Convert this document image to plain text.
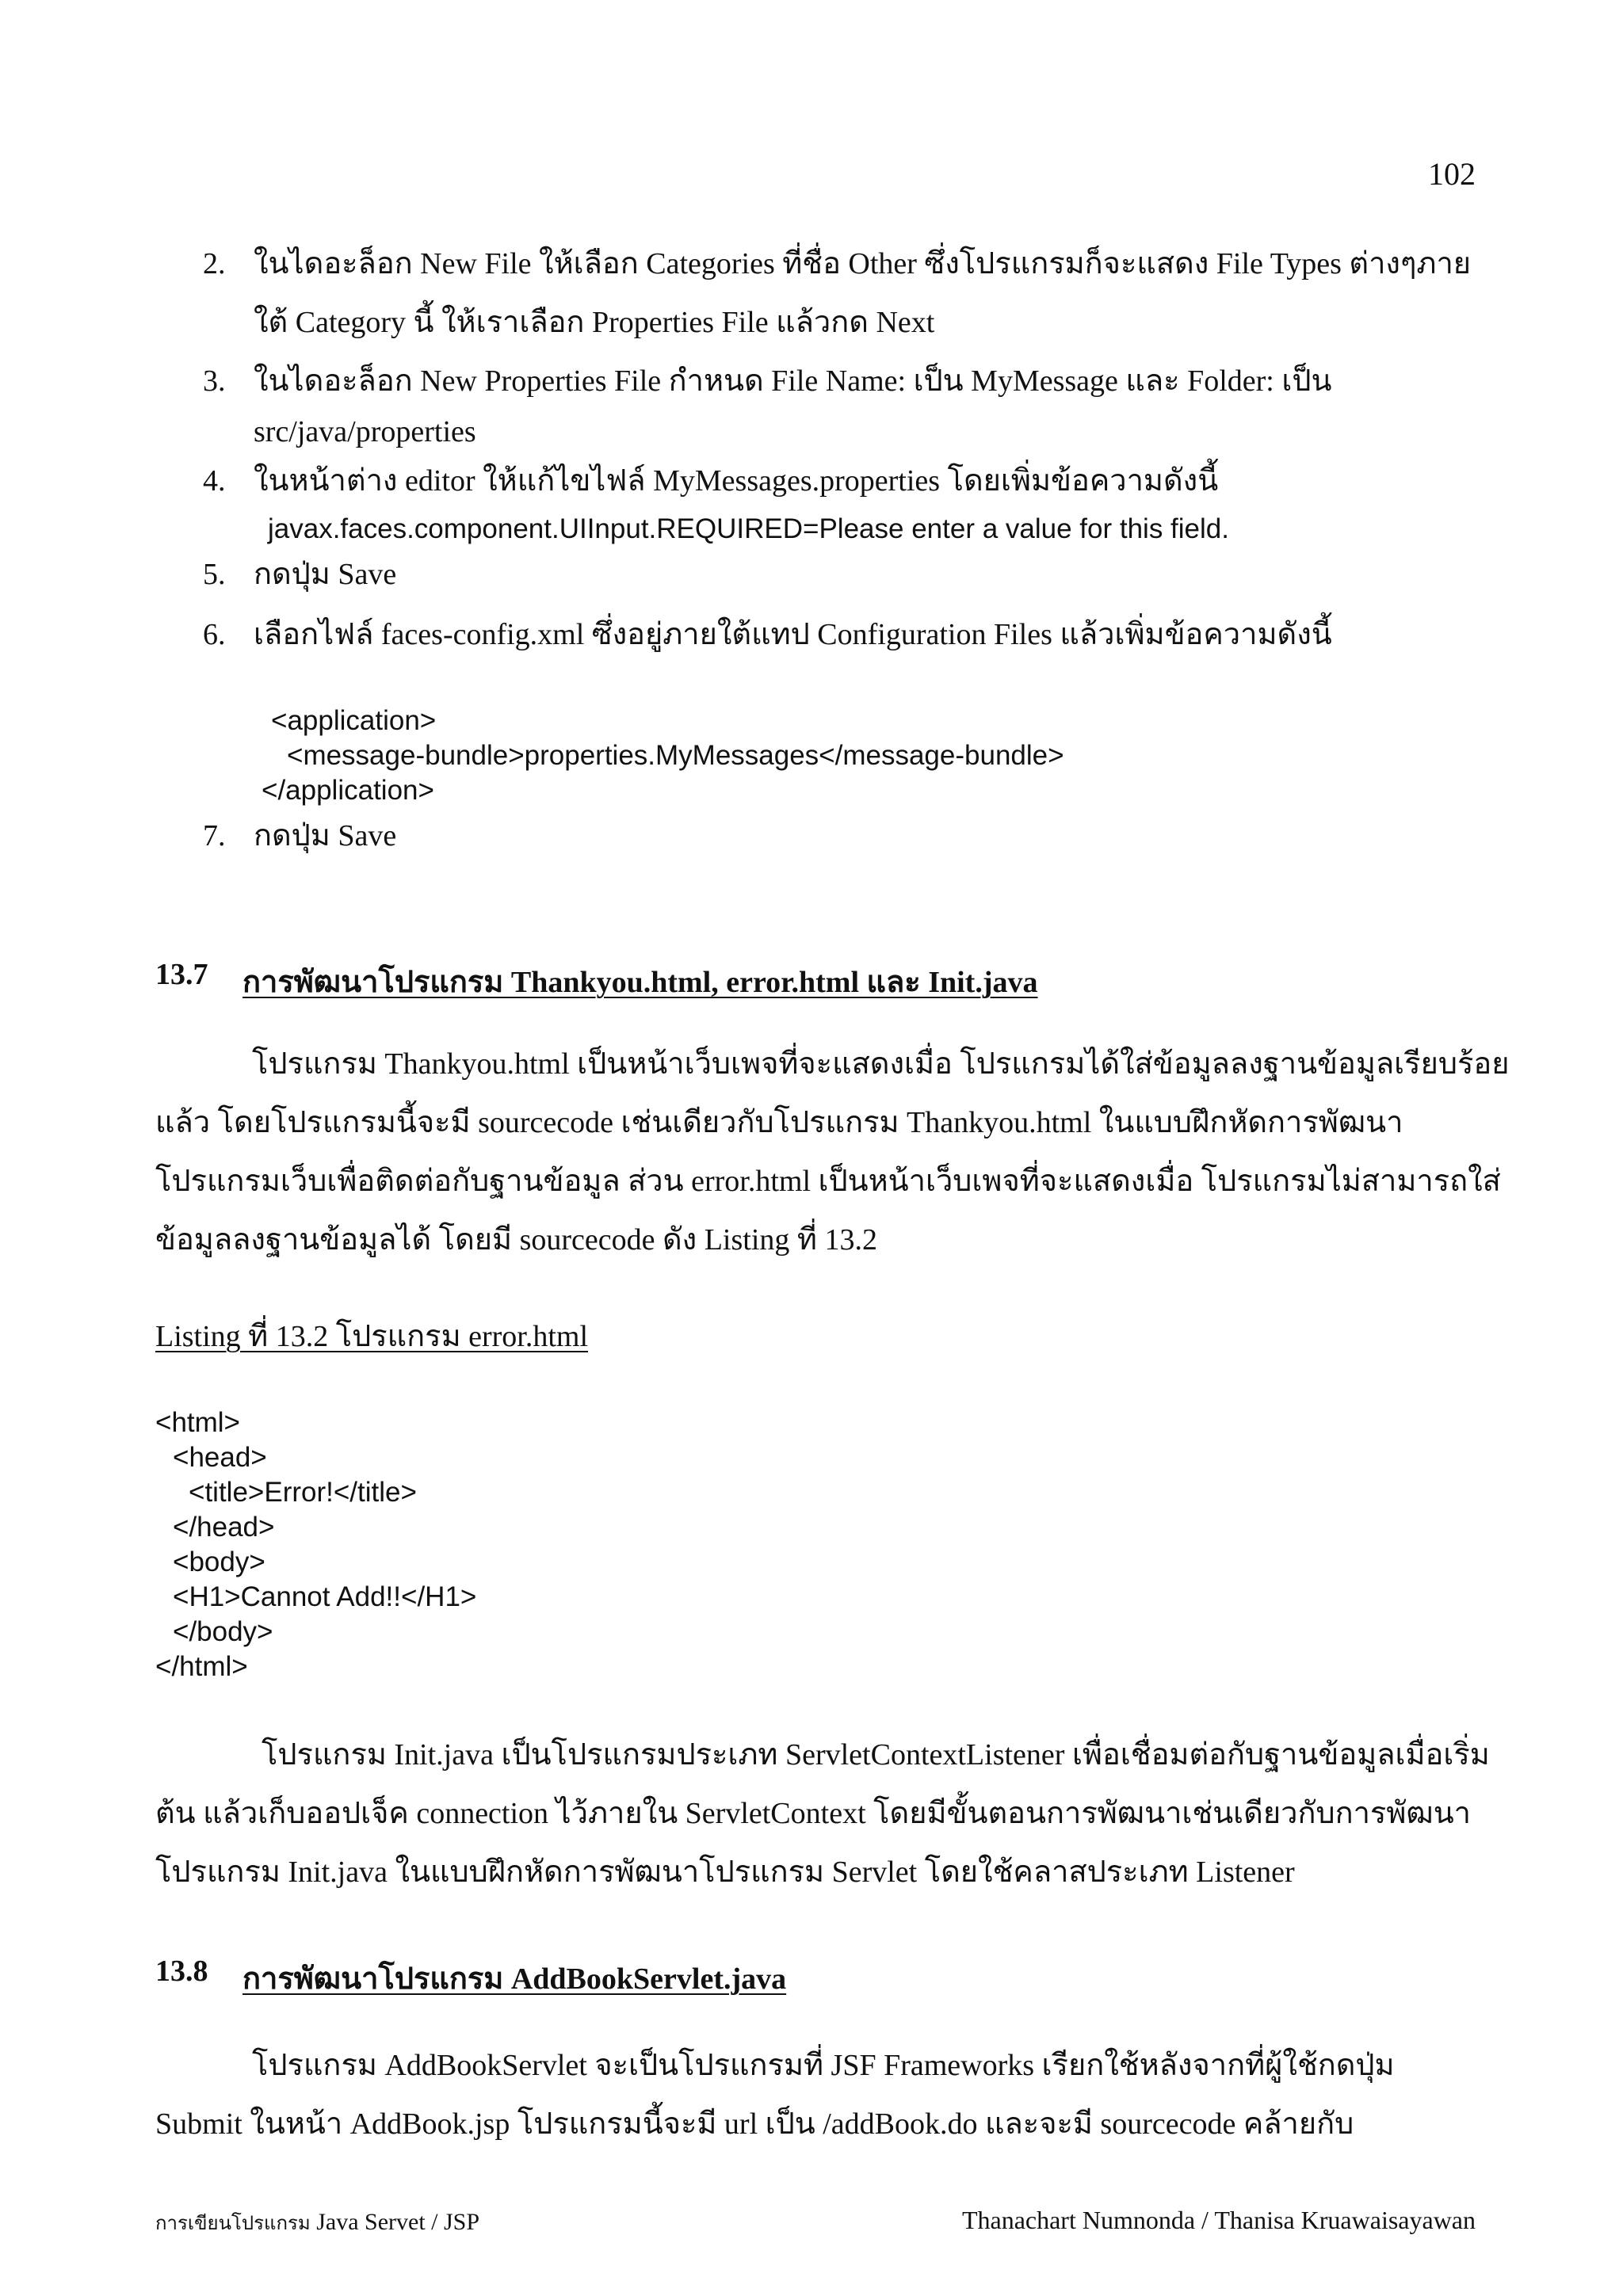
102
2. ในไดอะล็อก New File ให้เลือก Categories ที่ชื่อ Other ซึ่งโปรแกรมก็จะแสดง File Types ต่างๆภาย
ใต้ Category นี้ ให้เราเลือก Properties File แล้วกด Next
3. ในไดอะล็อก New Properties File กำหนด File Name: เป็น MyMessage และ Folder: เป็น
src/java/properties
4. ในหน้าต่าง editor ให้แก้ไขไฟล์ MyMessages.properties โดยเพิ่มข้อความดังนี้
javax.faces.component.UIInput.REQUIRED=Please enter a value for this field.
5. กดปุ่ม Save
6. เลือกไฟล์ faces-config.xml ซึ่งอยู่ภายใต้แทป Configuration Files แล้วเพิ่มข้อความดังนี้
<application>
<message-bundle>properties.MyMessages</message-bundle>
</application>
7. กดปุ่ม Save
13.7 การพัฒนาโปรแกรม Thankyou.html, error.html และ Init.java
โปรแกรม Thankyou.html เป็นหน้าเว็บเพจที่จะแสดงเมื่อ โปรแกรมได้ใส่ข้อมูลลงฐานข้อมูลเรียบร้อย
แล้ว โดยโปรแกรมนี้จะมี sourcecode เช่นเดียวกับโปรแกรม Thankyou.html ในแบบฝึกหัดการพัฒนา
โปรแกรมเว็บเพื่อติดต่อกับฐานข้อมูล ส่วน error.html เป็นหน้าเว็บเพจที่จะแสดงเมื่อ โปรแกรมไม่สามารถใส่
ข้อมูลลงฐานข้อมูลได้ โดยมี sourcecode ดัง Listing ที่ 13.2
Listing ที่ 13.2 โปรแกรม error.html
<html>
<head>
<title>Error!</title>
</head>
<body>
<H1>Cannot Add!!</H1>
</body>
</html>
โปรแกรม Init.java เป็นโปรแกรมประเภท ServletContextListener เพื่อเชื่อมต่อกับฐานข้อมูลเมื่อเริ่ม
ต้น แล้วเก็บออปเจ็ค connection ไว้ภายใน ServletContext โดยมีขั้นตอนการพัฒนาเช่นเดียวกับการพัฒนา
โปรแกรม Init.java ในแบบฝึกหัดการพัฒนาโปรแกรม Servlet โดยใช้คลาสประเภท Listener
13.8 การพัฒนาโปรแกรม AddBookServlet.java
โปรแกรม AddBookServlet จะเป็นโปรแกรมที่ JSF Frameworks เรียกใช้หลังจากที่ผู้ใช้กดปุ่ม
Submit ในหน้า AddBook.jsp โปรแกรมนี้จะมี url เป็น /addBook.do และจะมี sourcecode คล้ายกับ
การเขียนโปรแกรม Java Servet / JSP	Thanachart Numnonda / Thanisa Kruawaisayawan
